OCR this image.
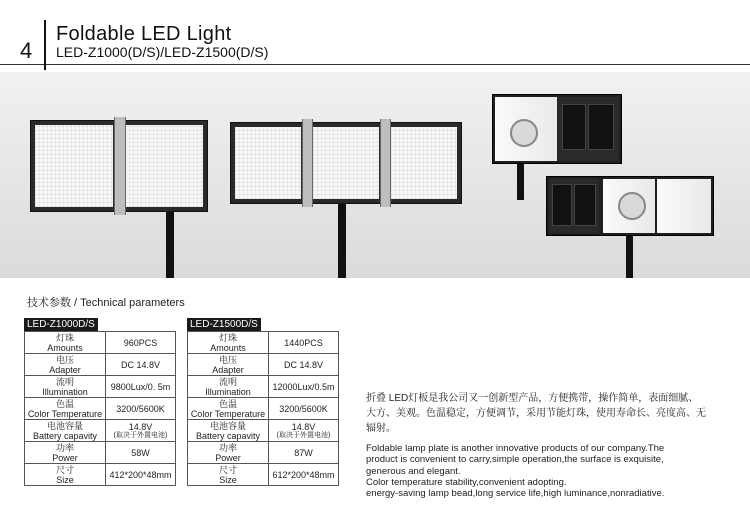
4
Foldable LED Light
LED-Z1000(D/S)/LED-Z1500(D/S)
技术参数 / Technical parameters
LED-Z1000D/S
灯珠
Amounts	960PCS
电压
Adapter	DC 14.8V
流明
Illumination	9800Lux/0. 5m
色温
Color Temperature	3200/5600K
电池容量
Battery capavity	14.8V
(取决于外置电池)

功率
Power	58W
尺寸
Size	412*200*48mm
LED-Z1500D/S
灯珠
Amounts	1440PCS
电压
Adapter	DC 14.8V
流明
Illumination	12000Lux/0.5m
色温
Color Temperature	3200/5600K
电池容量
Battery capavity	14.8V
(取决于外置电池)

功率
Power	87W
尺寸
Size	612*200*48mm
折叠 LED灯板是我公司又一创新型产品，方便携带，操作简单，表面细腻、大方、美观。色温稳定，方便调节，采用节能灯珠，使用寿命长、亮度高、无辐射。
Foldable lamp plate is another innovative products of our company.The
product is convenient to carry,simple operation,the surface is exquisite,
generous and elegant.
Color temperature stability,convenient adopting.
energy-saving lamp bead,long service life,high luminance,nonradiative.
